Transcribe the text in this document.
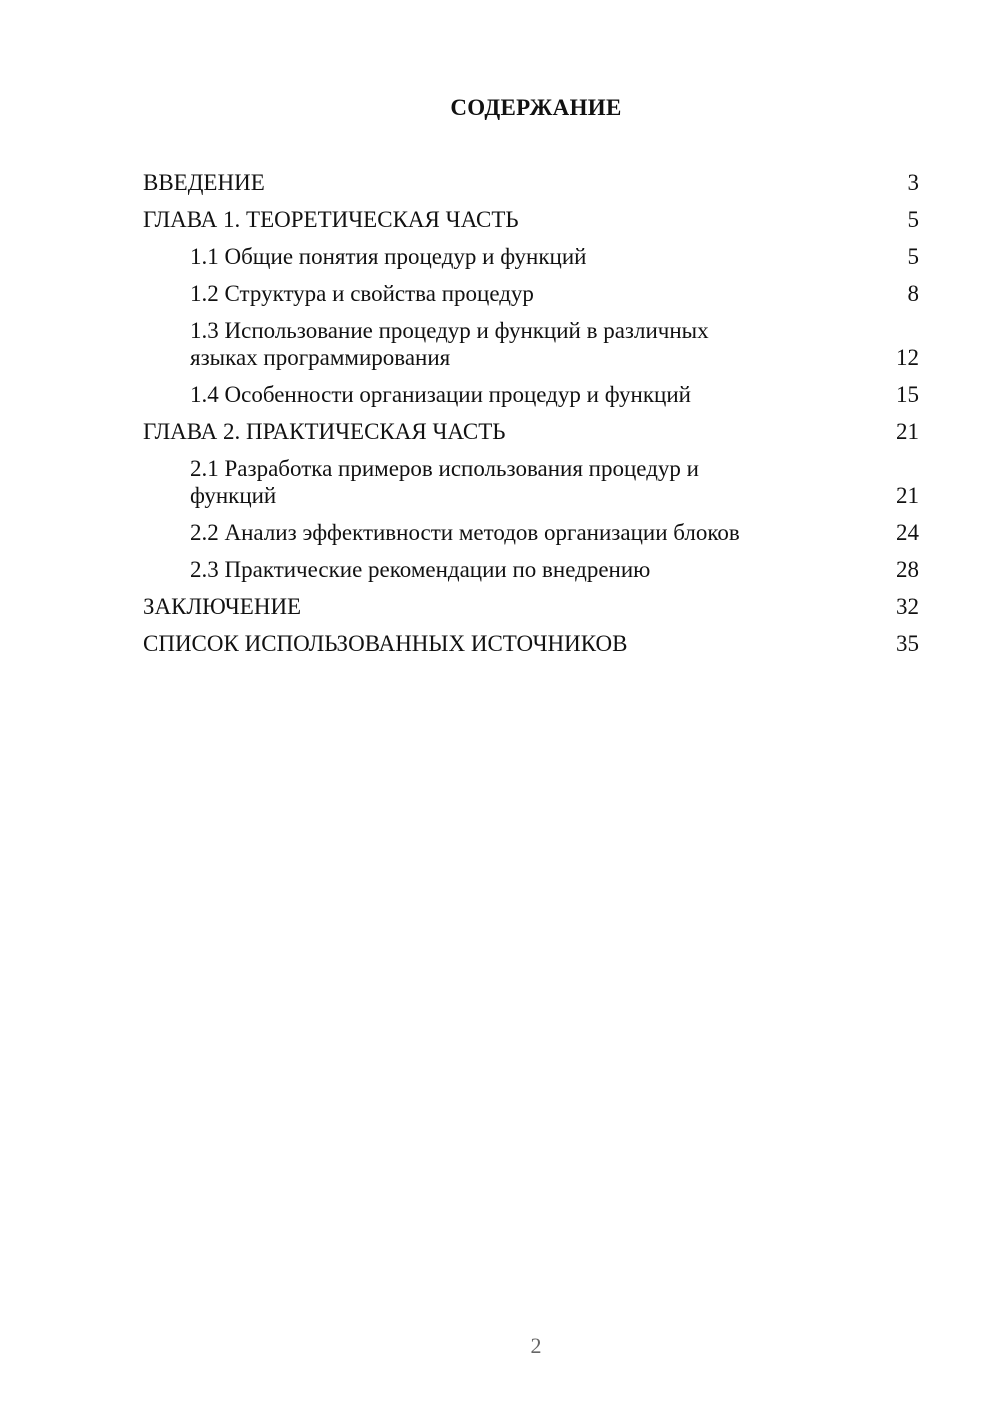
СОДЕРЖАНИЕ
ВВЕДЕНИЕ	3
ГЛАВА 1. ТЕОРЕТИЧЕСКАЯ ЧАСТЬ	5
1.1 Общие понятия процедур и функций	5
1.2 Структура и свойства процедур	8
1.3 Использование процедур и функций в различных языках программирования	12
1.4 Особенности организации процедур и функций	15
ГЛАВА 2. ПРАКТИЧЕСКАЯ ЧАСТЬ	21
2.1 Разработка примеров использования процедур и функций	21
2.2 Анализ эффективности методов организации блоков	24
2.3 Практические рекомендации по внедрению	28
ЗАКЛЮЧЕНИЕ	32
СПИСОК ИСПОЛЬЗОВАННЫХ ИСТОЧНИКОВ	35
2
